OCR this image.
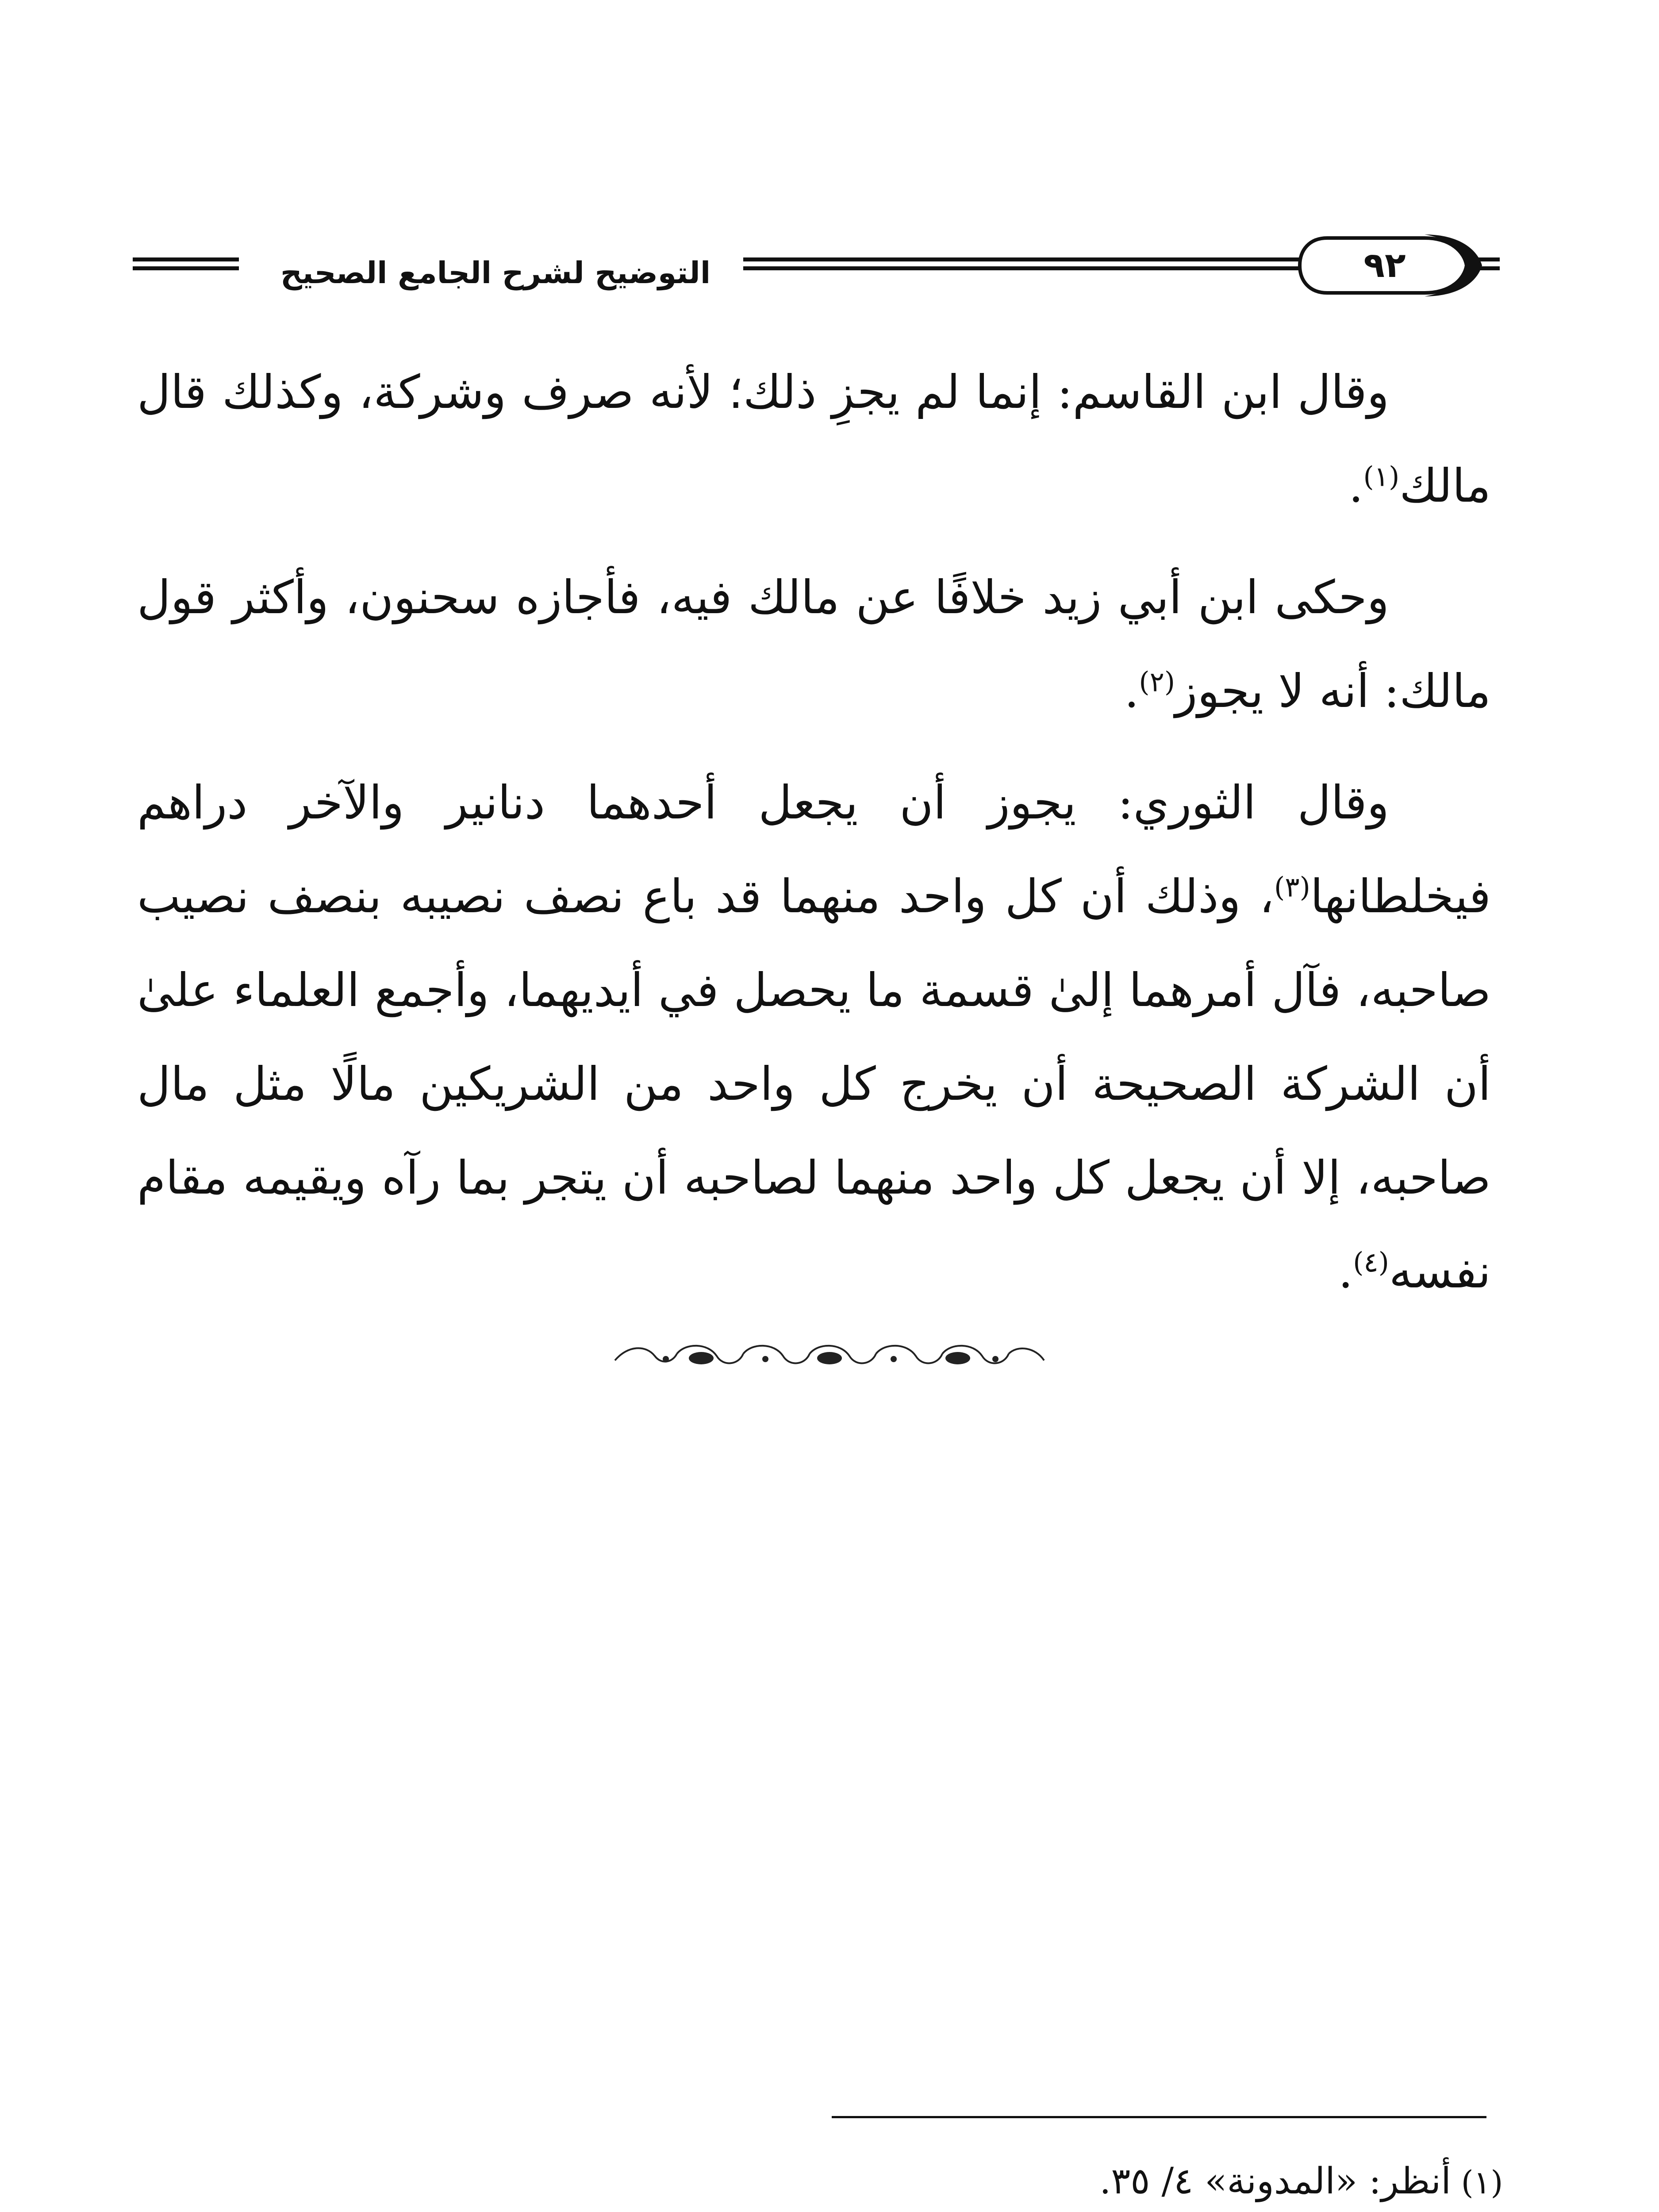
التوضيح لشرح الجامع الصحيح	٩٢

وقال ابن القاسم: إنما لم يجزِ ذلك؛ لأنه صرف وشركة، وكذلك قال مالك$^{(١)}$.

وحكى ابن أبي زيد خلافًا عن مالك فيه، فأجازه سحنون، وأكثر قول مالك: أنه لا يجوز$^{(٢)}$.

وقال الثوري: يجوز أن يجعل أحدهما دنانير والآخر دراهم فيخلطانها$^{(٣)}$، وذلك أن كل واحد منهما قد باع نصف نصيبه بنصف نصيب صاحبه، فآل أمرهما إلىٰ قسمة ما يحصل في أيديهما، وأجمع العلماء علىٰ أن الشركة الصحيحة أن يخرج كل واحد من الشريكين مالًا مثل مال صاحبه، إلا أن يجعل كل واحد منهما لصاحبه أن يتجر بما رآه ويقيمه مقام نفسه$^{(٤)}$.

(١)
أنظر: «المدونة» ٤/ ٣٥.
